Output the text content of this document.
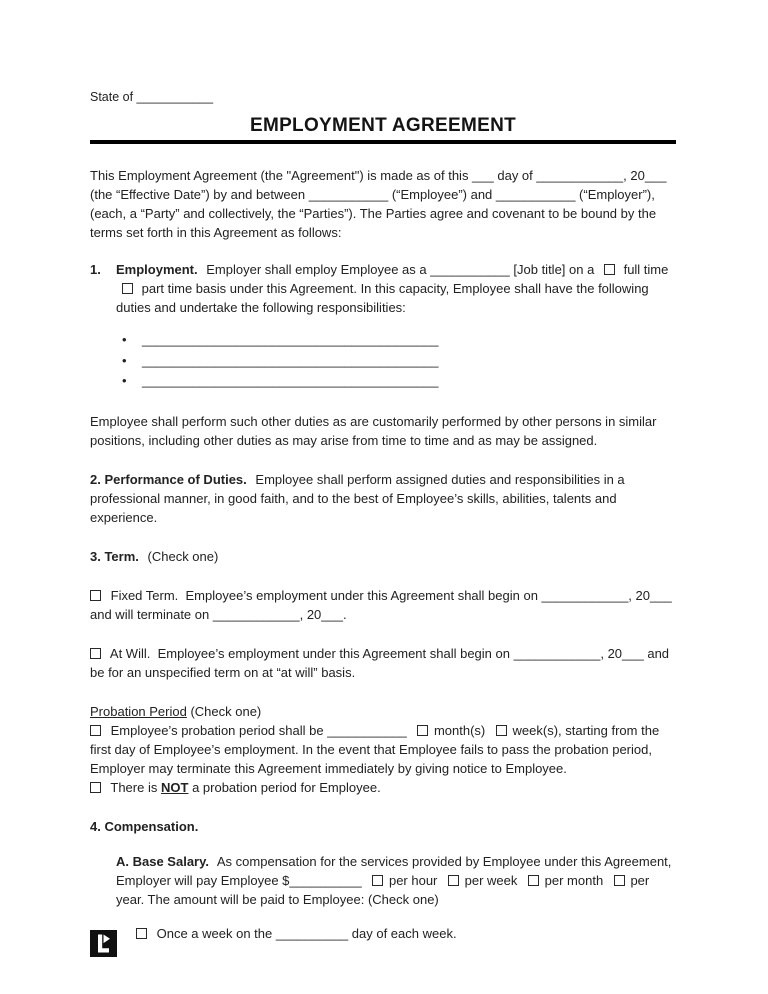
State of ___________
EMPLOYMENT AGREEMENT

This Employment Agreement (the "Agreement") is made as of this ___ day of ____________, 20___ (the “Effective Date”) by and between ___________ (“Employee”) and ___________ (“Employer”), (each, a “Party” and collectively, the “Parties”). The Parties agree and covenant to be bound by the terms set forth in this Agreement as follows:

1.	Employment. Employer shall employ Employee as a ___________ [Job title] on a full time  part time basis under this Agreement. In this capacity, Employee shall have the following duties and undertake the following responsibilities:
• _________________________________________
• _________________________________________
• _________________________________________

Employee shall perform such other duties as are customarily performed by other persons in similar positions, including other duties as may arise from time to time and as may be assigned.

2. Performance of Duties. Employee shall perform assigned duties and responsibilities in a professional manner, in good faith, and to the best of Employee’s skills, abilities, talents and experience.

3. Term. (Check one)

Fixed Term.  Employee’s employment under this Agreement shall begin on ____________, 20___ and will terminate on ____________, 20___.

At Will.  Employee’s employment under this Agreement shall begin on ____________, 20___ and be for an unspecified term on at “at will” basis.

Probation Period (Check one)
Employee’s probation period shall be ___________ month(s) week(s), starting from the first day of Employee’s employment. In the event that Employee fails to pass the probation period, Employer may terminate this Agreement immediately by giving notice to Employee.
There is NOT a probation period for Employee.

4. Compensation.

A. Base Salary. As compensation for the services provided by Employee under this Agreement, Employer will pay Employee $__________ per hour per week per month per year. The amount will be paid to Employee: (Check one)
Once a week on the __________ day of each week.
